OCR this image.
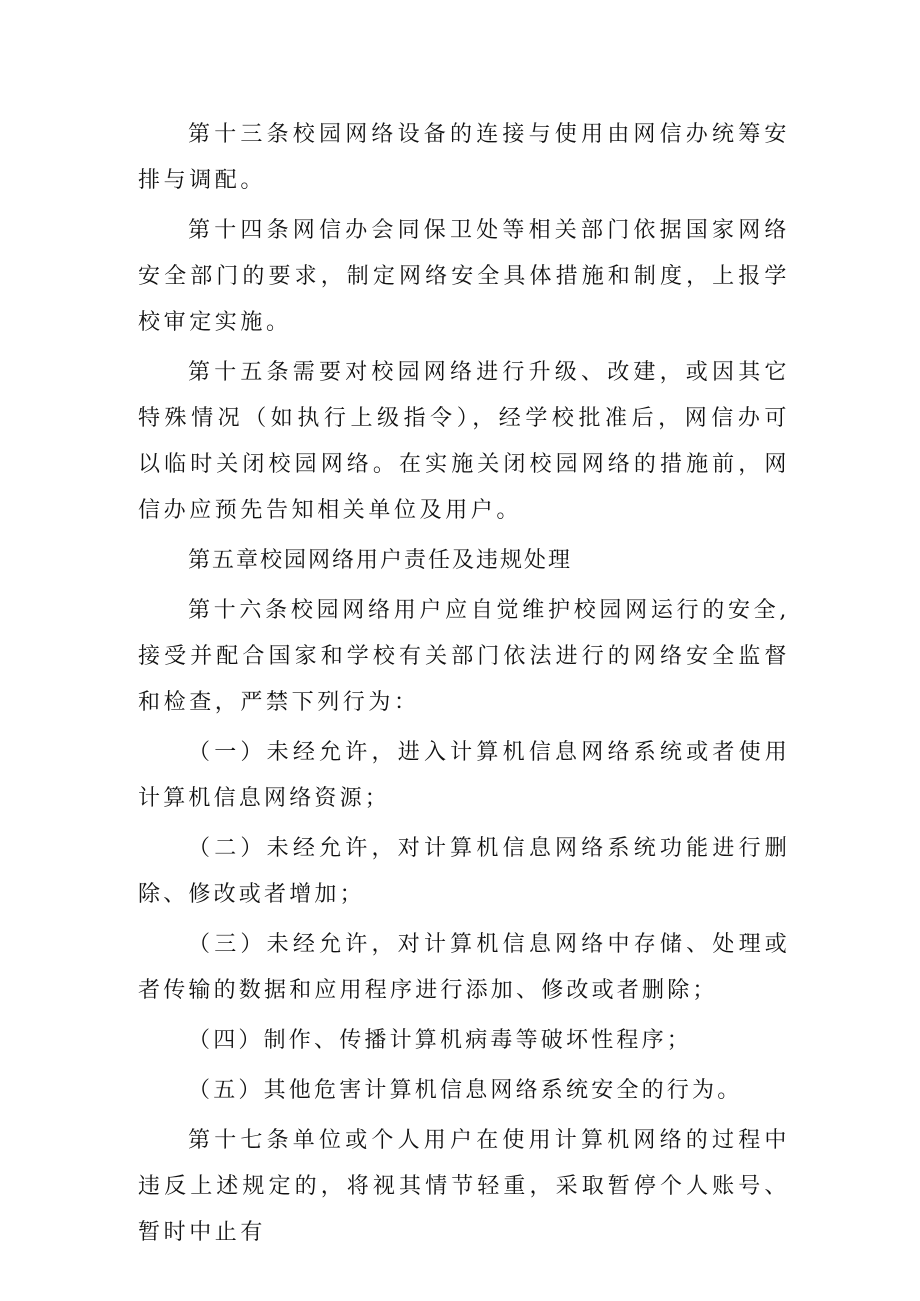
第十三条校园网络设备的连接与使用由网信办统筹安排与调配。

第十四条网信办会同保卫处等相关部门依据国家网络安全部门的要求，制定网络安全具体措施和制度，上报学校审定实施。

第十五条需要对校园网络进行升级、改建，或因其它特殊情况（如执行上级指令），经学校批准后，网信办可以临时关闭校园网络。在实施关闭校园网络的措施前，网信办应预先告知相关单位及用户。

第五章校园网络用户责任及违规处理

第十六条校园网络用户应自觉维护校园网运行的安全,接受并配合国家和学校有关部门依法进行的网络安全监督和检查，严禁下列行为：

（一）未经允许，进入计算机信息网络系统或者使用计算机信息网络资源；

（二）未经允许，对计算机信息网络系统功能进行删除、修改或者增加；

（三）未经允许，对计算机信息网络中存储、处理或者传输的数据和应用程序进行添加、修改或者删除；

（四）制作、传播计算机病毒等破坏性程序；

（五）其他危害计算机信息网络系统安全的行为。

第十七条单位或个人用户在使用计算机网络的过程中违反上述规定的，将视其情节轻重，采取暂停个人账号、暂时中止有
